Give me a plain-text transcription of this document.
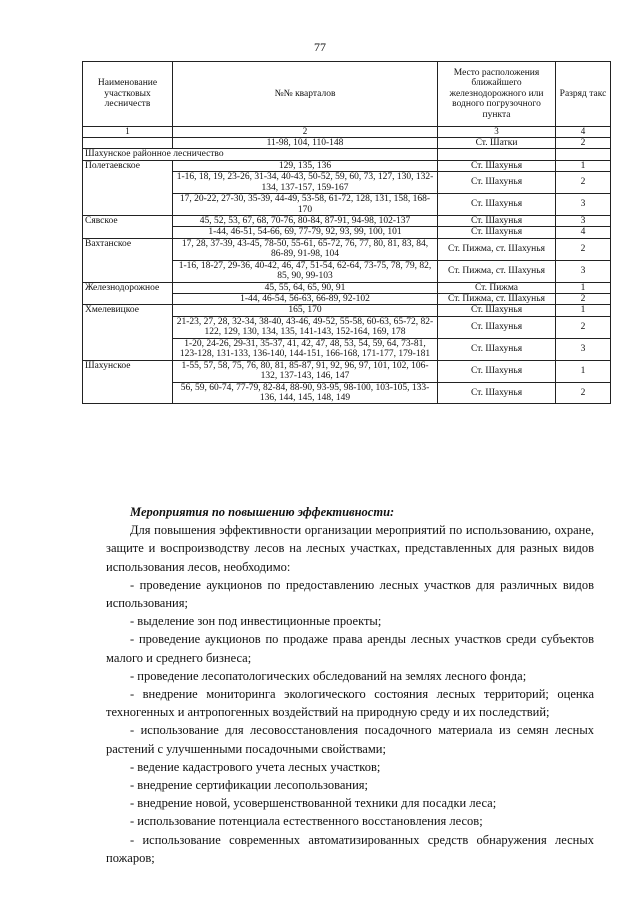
77
Наименование участковых лесничеств	№№ кварталов	Место расположения ближайшего железнодорожного или водного погрузочного пункта	Разряд такс
1	2	3	4
	11-98, 104, 110-148	Ст. Шатки	2
Шахунское районное лесничество			
Полетаевское	129, 135, 136	Ст. Шахунья	1
	1-16, 18, 19, 23-26, 31-34, 40-43, 50-52, 59, 60, 73, 127, 130, 132-134, 137-157, 159-167	Ст. Шахунья	2
	17, 20-22, 27-30, 35-39, 44-49, 53-58, 61-72, 128, 131, 158, 168-170	Ст. Шахунья	3
Сявское	45, 52, 53, 67, 68, 70-76, 80-84, 87-91, 94-98, 102-137	Ст. Шахунья	3
	1-44, 46-51, 54-66, 69, 77-79, 92, 93, 99, 100, 101	Ст. Шахунья	4
Вахтанское	17, 28, 37-39, 43-45, 78-50, 55-61, 65-72, 76, 77, 80, 81, 83, 84, 86-89, 91-98, 104	Ст. Пижма, ст. Шахунья	2
	1-16, 18-27, 29-36, 40-42, 46, 47, 51-54, 62-64, 73-75, 78, 79, 82, 85, 90, 99-103	Ст. Пижма, ст. Шахунья	3
Железнодорожное	45, 55, 64, 65, 90, 91	Ст. Пижма	1
	1-44, 46-54, 56-63, 66-89, 92-102	Ст. Пижма, ст. Шахунья	2
Хмелевицкое	165, 170	Ст. Шахунья	1
	21-23, 27, 28, 32-34, 38-40, 43-46, 49-52, 55-58, 60-63, 65-72, 82-122, 129, 130, 134, 135, 141-143, 152-164, 169, 178	Ст. Шахунья	2
	1-20, 24-26, 29-31, 35-37, 41, 42, 47, 48, 53, 54, 59, 64, 73-81, 123-128, 131-133, 136-140, 144-151, 166-168, 171-177, 179-181	Ст. Шахунья	3
Шахунское	1-55, 57, 58, 75, 76, 80, 81, 85-87, 91, 92, 96, 97, 101, 102, 106-132, 137-143, 146, 147	Ст. Шахунья	1
	56, 59, 60-74, 77-79, 82-84, 88-90, 93-95, 98-100, 103-105, 133-136, 144, 145, 148, 149	Ст. Шахунья	2

Мероприятия по повышению эффективности:

Для повышения эффективности организации мероприятий по использованию, охране, защите и воспроизводству лесов на лесных участках, представленных для разных видов использования лесов, необходимо:

- проведение аукционов по предоставлению лесных участков для различных видов использования;

- выделение зон под инвестиционные проекты;

- проведение аукционов по продаже права аренды лесных участков среди субъектов малого и среднего бизнеса;

- проведение лесопатологических обследований на землях лесного фонда;

- внедрение мониторинга экологического состояния лесных территорий; оценка техногенных и антропогенных воздействий на природную среду и их последствий;

- использование для лесовосстановления посадочного материала из семян лесных растений с улучшенными посадочными свойствами;

- ведение кадастрового учета лесных участков;

- внедрение сертификации лесопользования;

- внедрение новой, усовершенствованной техники для посадки леса;

- использование потенциала естественного восстановления лесов;

- использование современных автоматизированных средств обнаружения лесных пожаров;
